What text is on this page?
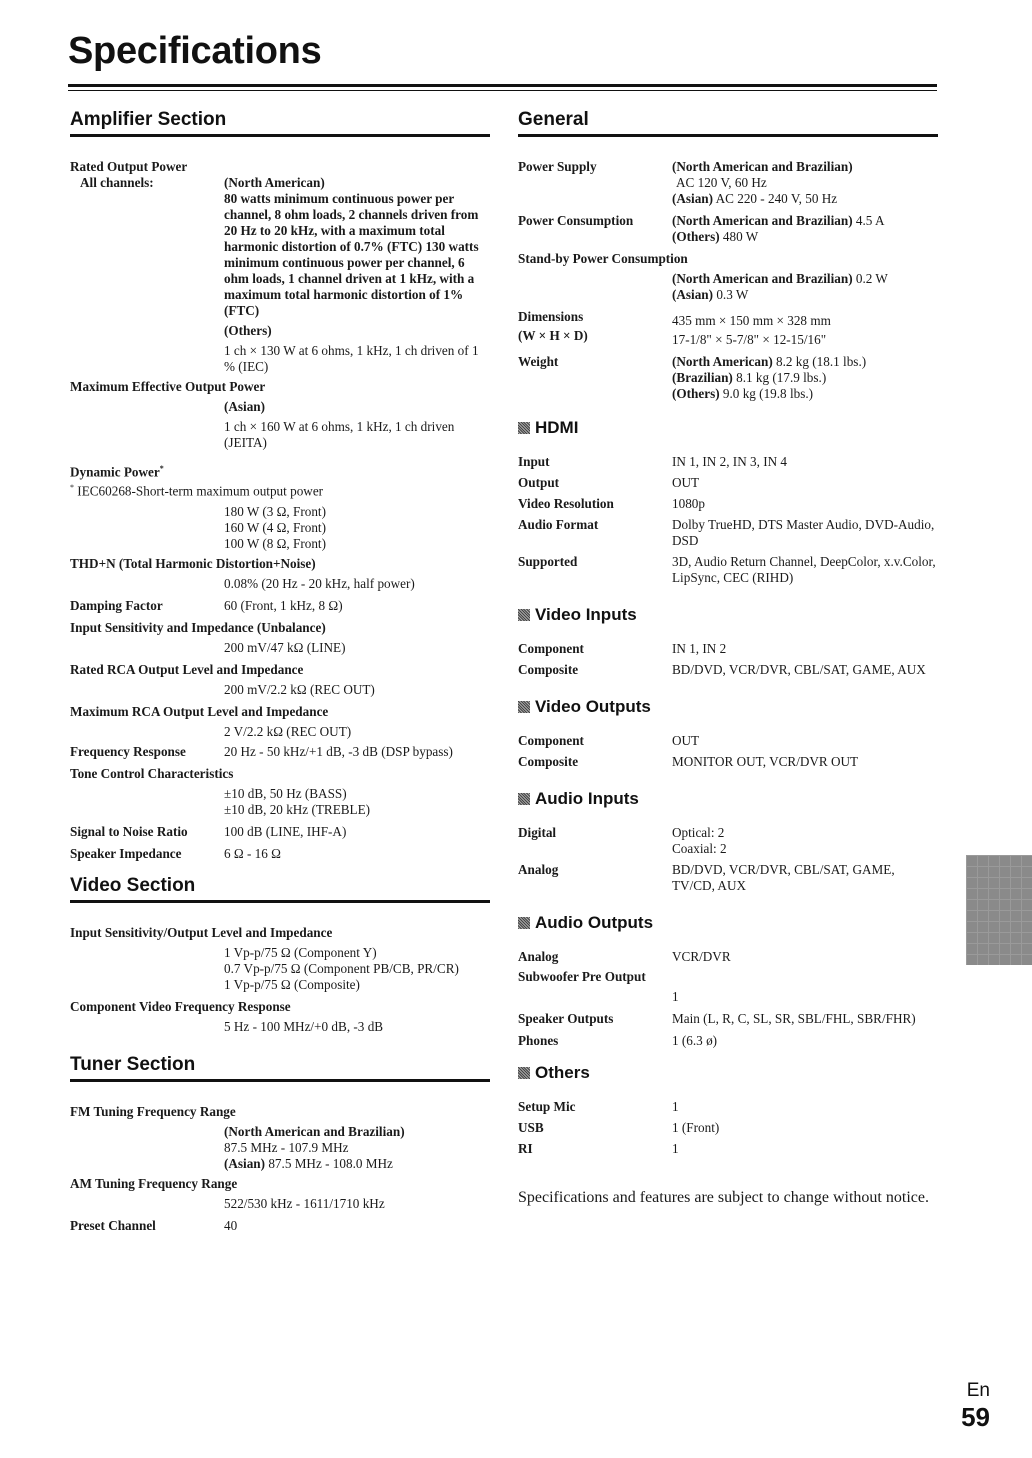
Specifications
Amplifier Section
Rated Output Power
All channels:	(North American)
80 watts minimum continuous power per channel, 8 ohm loads, 2 channels driven from 20 Hz to 20 kHz, with a maximum total harmonic distortion of 0.7% (FTC) 130 watts minimum continuous power per channel, 6 ohm loads, 1 channel driven at 1 kHz, with a maximum total harmonic distortion of 1% (FTC)
(Others)
1 ch × 130 W at 6 ohms, 1 kHz, 1 ch driven of 1 % (IEC)
Maximum Effective Output Power
(Asian)
1 ch × 160 W at 6 ohms, 1 kHz, 1 ch driven (JEITA)
Dynamic Power*
* IEC60268-Short-term maximum output power
180 W (3 Ω, Front)
160 W (4 Ω, Front)
100 W (8 Ω, Front)
THD+N (Total Harmonic Distortion+Noise)
0.08% (20 Hz - 20 kHz, half power)
Damping Factor	60 (Front, 1 kHz, 8 Ω)
Input Sensitivity and Impedance (Unbalance)
200 mV/47 kΩ (LINE)
Rated RCA Output Level and Impedance
200 mV/2.2 kΩ (REC OUT)
Maximum RCA Output Level and Impedance
2 V/2.2 kΩ (REC OUT)
Frequency Response	20 Hz - 50 kHz/+1 dB, -3 dB (DSP bypass)
Tone Control Characteristics
±10 dB, 50 Hz (BASS)
±10 dB, 20 kHz (TREBLE)
Signal to Noise Ratio	100 dB (LINE, IHF-A)
Speaker Impedance	6 Ω - 16 Ω
Video Section
Input Sensitivity/Output Level and Impedance
1 Vp-p/75 Ω (Component Y)
0.7 Vp-p/75 Ω (Component PB/CB, PR/CR)
1 Vp-p/75 Ω (Composite)
Component Video Frequency Response
5 Hz - 100 MHz/+0 dB, -3 dB
Tuner Section
FM Tuning Frequency Range
(North American and Brazilian)
87.5 MHz - 107.9 MHz
(Asian) 87.5 MHz - 108.0 MHz
AM Tuning Frequency Range
522/530 kHz - 1611/1710 kHz
Preset Channel	40
General
Power Supply	(North American and Brazilian)
AC 120 V, 60 Hz
(Asian) AC 220 - 240 V, 50 Hz
Power Consumption	(North American and Brazilian) 4.5 A
(Others) 480 W
Stand-by Power Consumption
(North American and Brazilian) 0.2 W
(Asian) 0.3 W
Dimensions
(W × H × D)
435 mm × 150 mm × 328 mm
17-1/8" × 5-7/8" × 12-15/16"
Weight	(North American) 8.2 kg (18.1 lbs.)
(Brazilian) 8.1 kg (17.9 lbs.)
(Others) 9.0 kg (19.8 lbs.)
HDMI
Input	IN 1, IN 2, IN 3, IN 4
Output	OUT
Video Resolution	1080p
Audio Format	Dolby TrueHD, DTS Master Audio, DVD-Audio, DSD
Supported	3D, Audio Return Channel, DeepColor, x.v.Color, LipSync, CEC (RIHD)
Video Inputs
Component	IN 1, IN 2
Composite	BD/DVD, VCR/DVR, CBL/SAT, GAME, AUX
Video Outputs
Component	OUT
Composite	MONITOR OUT, VCR/DVR OUT
Audio Inputs
Digital	Optical: 2
Coaxial: 2
Analog	BD/DVD, VCR/DVR, CBL/SAT, GAME, TV/CD, AUX
Audio Outputs
Analog	VCR/DVR
Subwoofer Pre Output
1
Speaker Outputs	Main (L, R, C, SL, SR, SBL/FHL, SBR/FHR)
Phones	1 (6.3 ø)
Others
Setup Mic	1
USB	1 (Front)
RI	1
Specifications and features are subject to change without notice.
En
59
